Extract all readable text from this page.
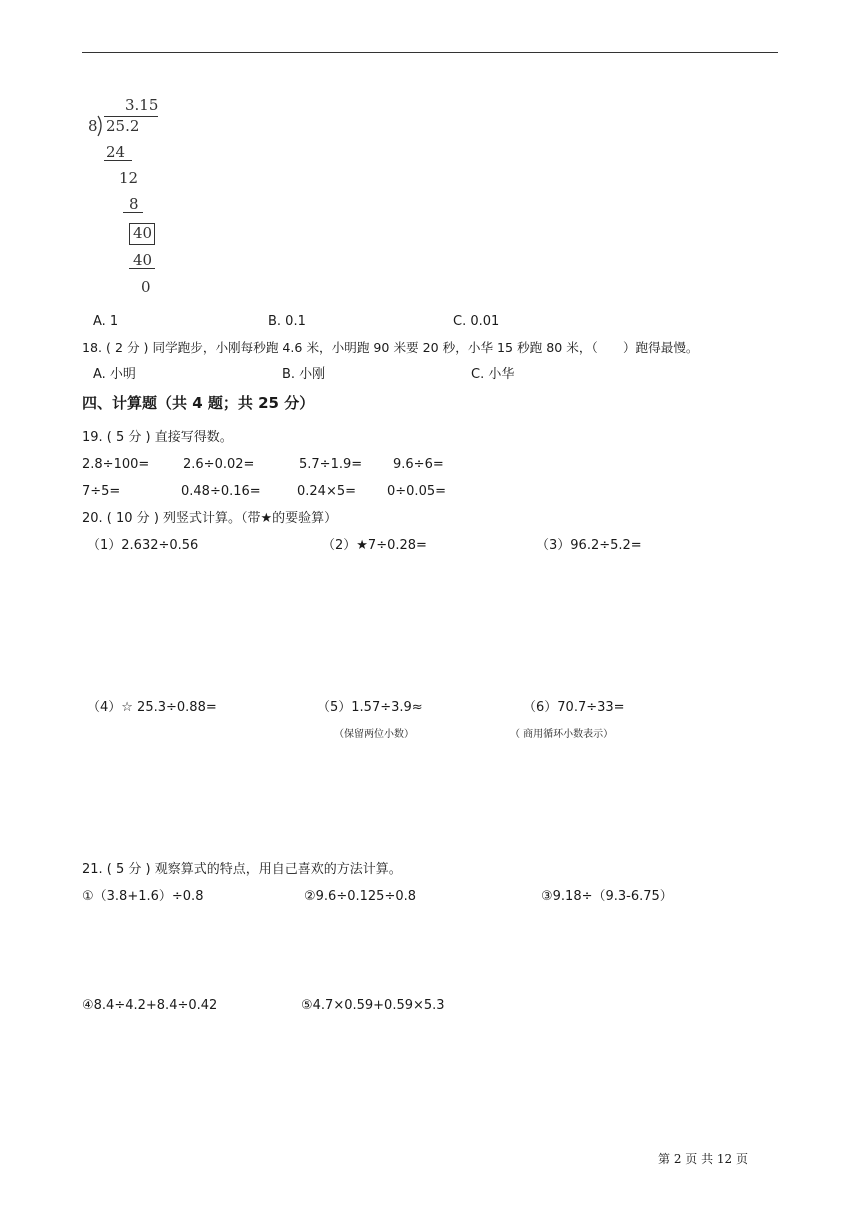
3.15
8 25.2
24
12
8
40
40
0
A. 1	B. 0.1	C. 0.01
18. ( 2 分 ) 同学跑步，小刚每秒跑 4.6 米，小明跑 90 米要 20 秒，小华 15 秒跑 80 米，（　　）跑得最慢。
A. 小明	B. 小刚	C. 小华
四、计算题（共 4 题；共 25 分）
19. ( 5 分 ) 直接写得数。
2.8÷100=	2.6÷0.02=	5.7÷1.9= 9.6÷6=
7÷5=	0.48÷0.16=	0.24×5= 0÷0.05=
20. ( 10 分 ) 列竖式计算。（带★的要验算）
（1）2.632÷0.56	（2）★7÷0.28=	（3）96.2÷5.2=
（4）☆ 25.3÷0.88=	（5）1.57÷3.9≈	（6）70.7÷33=
（保留两位小数）	（ 商用循环小数表示）
21. ( 5 分 ) 观察算式的特点，用自己喜欢的方法计算。
①（3.8+1.6）÷0.8	②9.6÷0.125÷0.8	③9.18÷（9.3-6.75）
④8.4÷4.2+8.4÷0.42	⑤4.7×0.59+0.59×5.3
第 2 页 共 12 页
